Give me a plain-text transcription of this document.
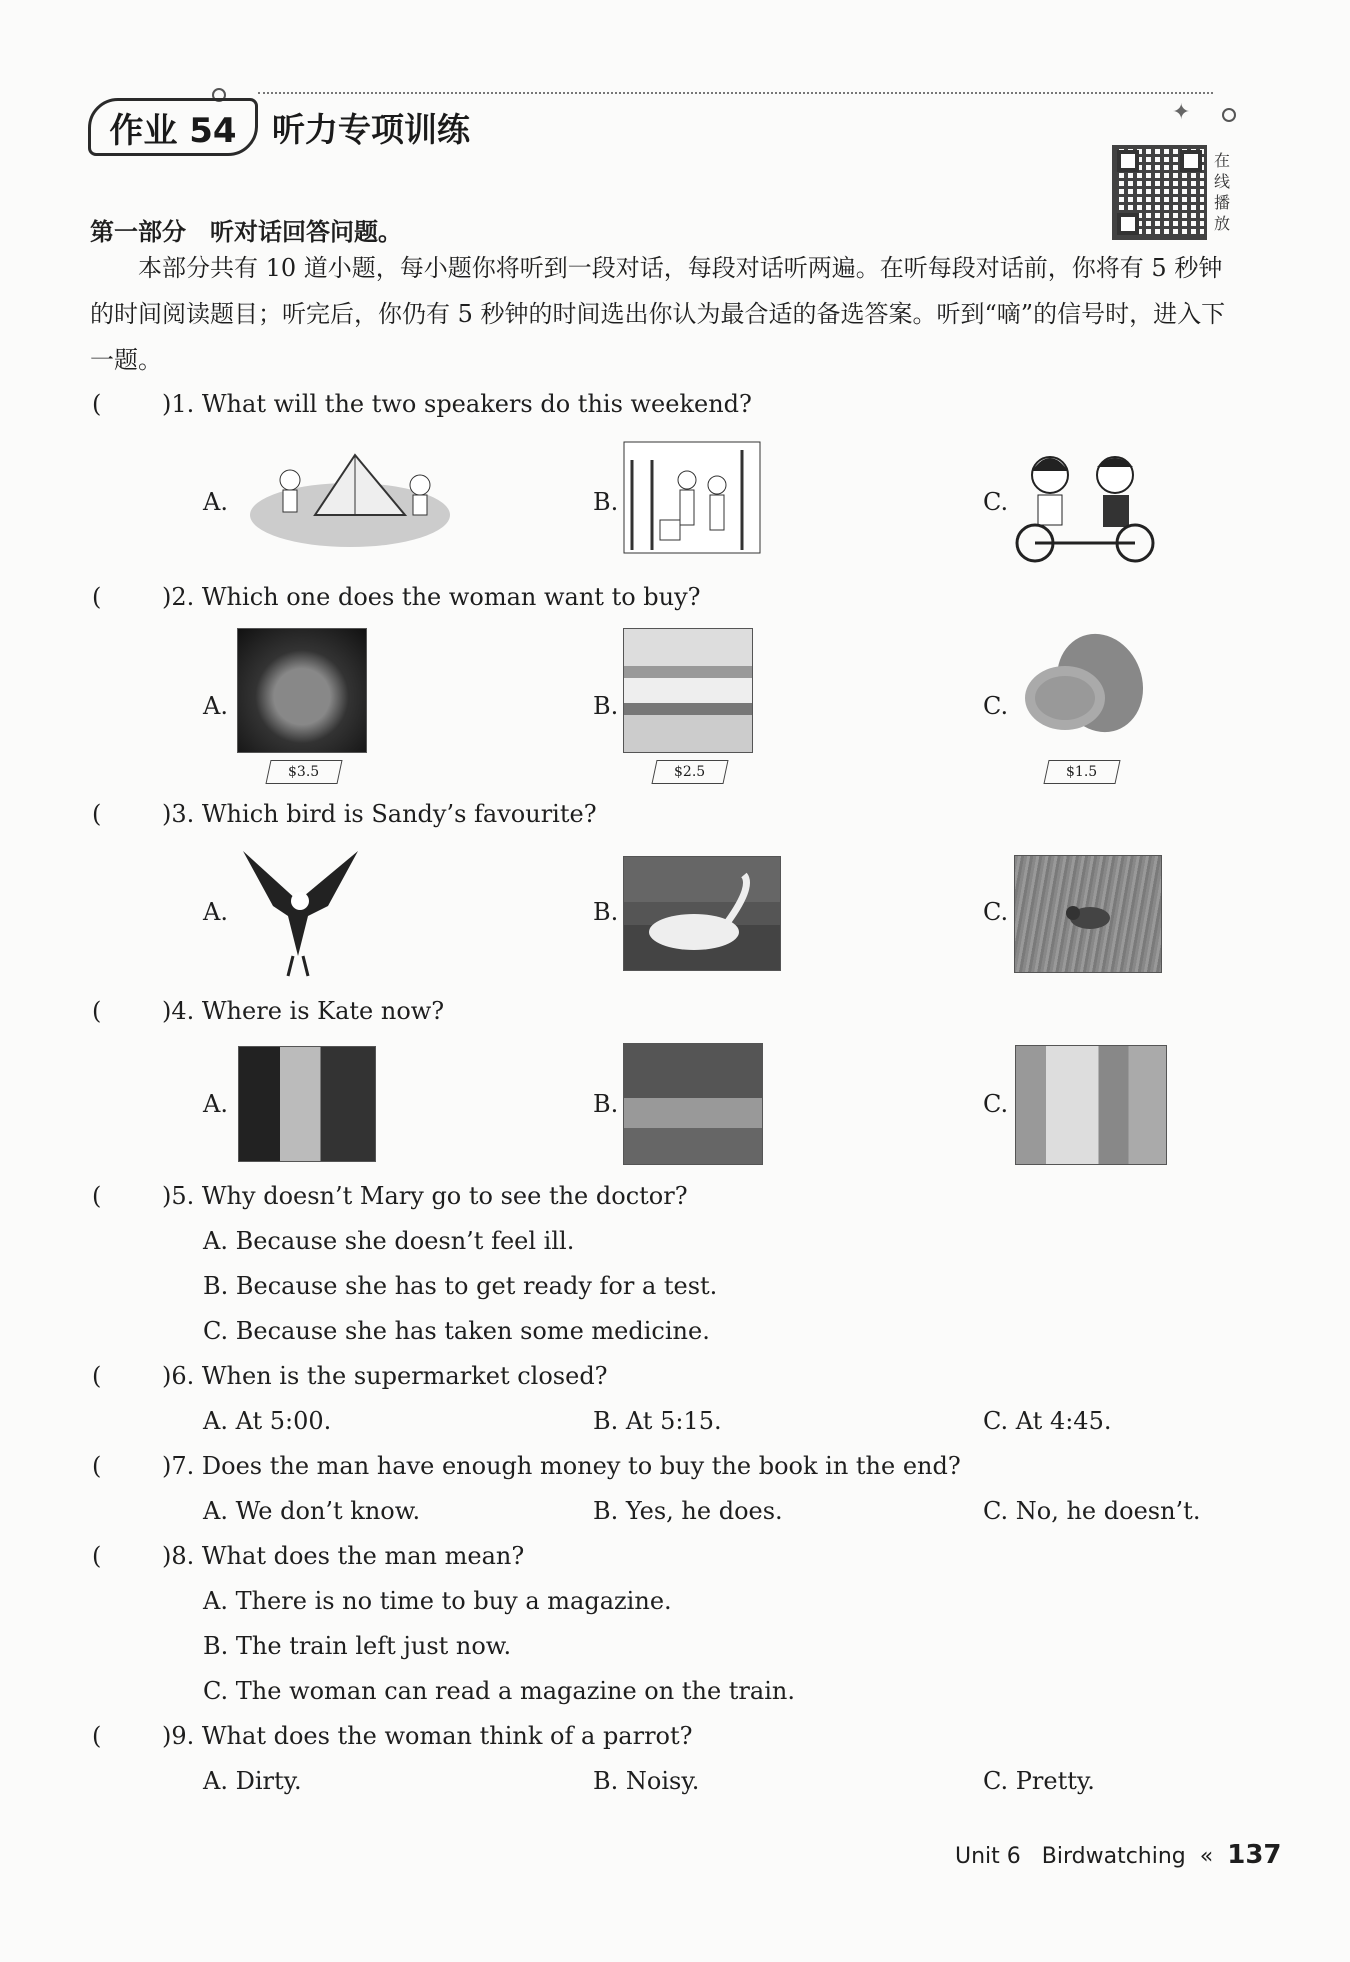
✦
作业 54	听力专项训练
在线播放
第一部分　听对话回答问题。
本部分共有 10 道小题，每小题你将听到一段对话，每段对话听两遍。在听每段对话前，你将有 5 秒钟的时间阅读题目；听完后，你仍有 5 秒钟的时间选出你认为最合适的备选答案。听到“嘀”的信号时，进入下一题。
(	)1. What will the two speakers do this weekend?
A.	B.	C.
(	)2. Which one does the woman want to buy?
A.	B.	C.
$3.5	$2.5	$1.5
(	)3. Which bird is Sandy’s favourite?
A.	B.	C.
(	)4. Where is Kate now?
A.	B.	C.
(	)5. Why doesn’t Mary go to see the doctor?
A. Because she doesn’t feel ill.
B. Because she has to get ready for a test.
C. Because she has taken some medicine.
(	)6. When is the supermarket closed?
A. At 5:00.	B. At 5:15.	C. At 4:45.
(	)7. Does the man have enough money to buy the book in the end?
A. We don’t know.	B. Yes, he does.	C. No, he doesn’t.
(	)8. What does the man mean?
A. There is no time to buy a magazine.
B. The train left just now.
C. The woman can read a magazine on the train.
(	)9. What does the woman think of a parrot?
A. Dirty.	B. Noisy.	C. Pretty.
Unit 6 Birdwatching « 137
